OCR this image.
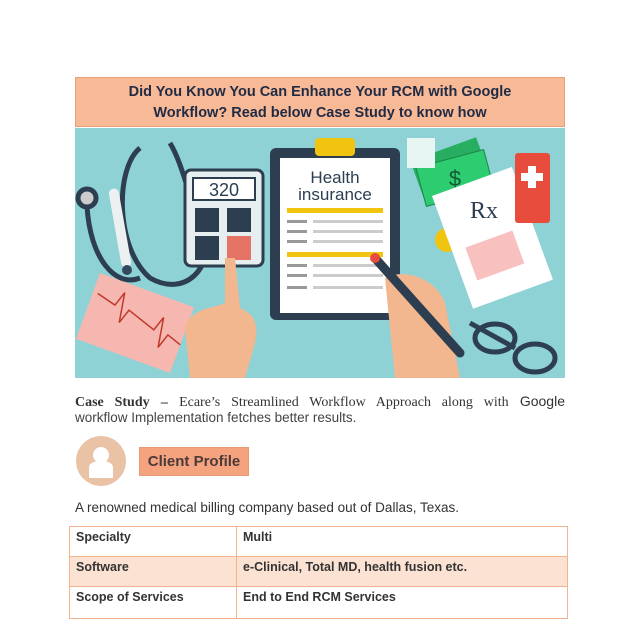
Did You Know You Can Enhance Your RCM with Google
Workflow? Read below Case Study to know how
320
Health
insurance
$
Rx
Case Study – Ecare’s Streamlined Workflow Approach along with Google
workflow Implementation fetches better results.
Client Profile
A renowned medical billing company based out of Dallas, Texas.
Specialty	Multi
Software	e-Clinical, Total MD, health fusion etc.
Scope of Services	End to End RCM Services
